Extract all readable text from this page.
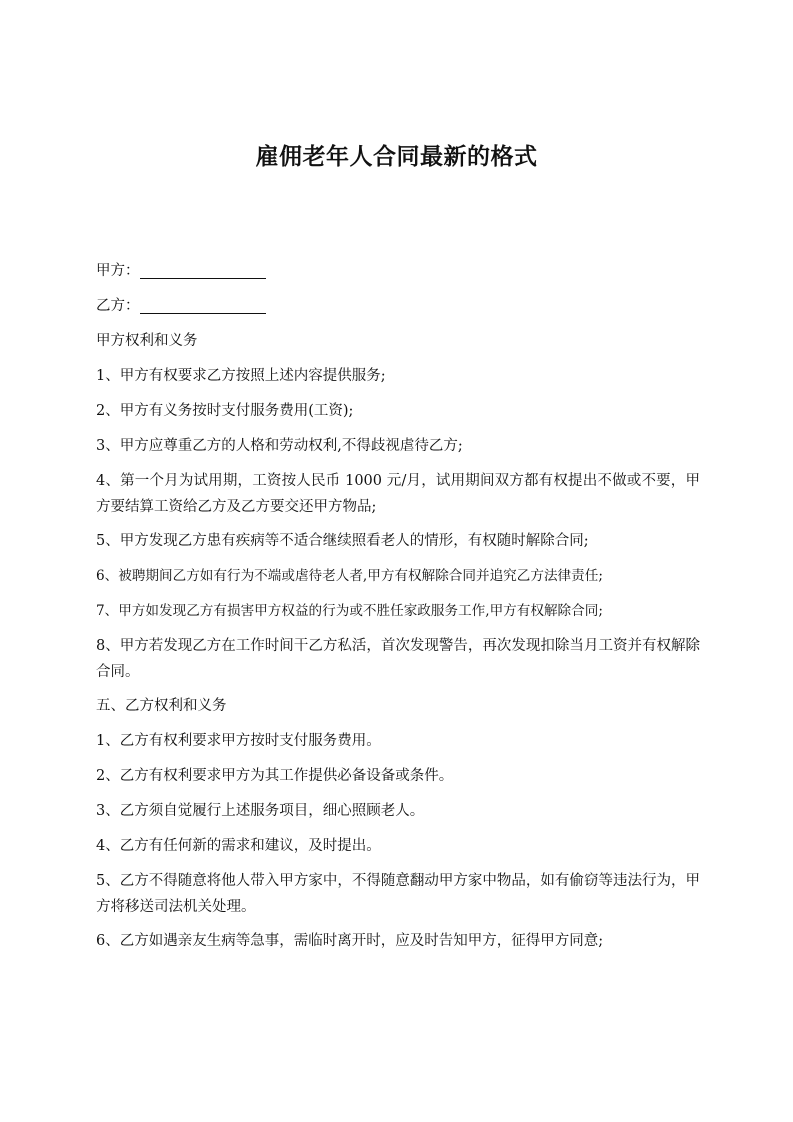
雇佣老年人合同最新的格式

甲方：

乙方：

甲方权利和义务

1、甲方有权要求乙方按照上述内容提供服务;

2、甲方有义务按时支付服务费用(工资);

3、甲方应尊重乙方的人格和劳动权利,不得歧视虐待乙方;

4、第一个月为试用期，工资按人民币 1000 元/月，试用期间双方都有权提出不做或不要，甲方要结算工资给乙方及乙方要交还甲方物品;

5、甲方发现乙方患有疾病等不适合继续照看老人的情形，有权随时解除合同;

6、被聘期间乙方如有行为不端或虐待老人者,甲方有权解除合同并追究乙方法律责任;

7、甲方如发现乙方有损害甲方权益的行为或不胜任家政服务工作,甲方有权解除合同;

8、甲方若发现乙方在工作时间干乙方私活，首次发现警告，再次发现扣除当月工资并有权解除合同。

五、乙方权利和义务

1、乙方有权利要求甲方按时支付服务费用。

2、乙方有权利要求甲方为其工作提供必备设备或条件。

3、乙方须自觉履行上述服务项目，细心照顾老人。

4、乙方有任何新的需求和建议，及时提出。

5、乙方不得随意将他人带入甲方家中，不得随意翻动甲方家中物品，如有偷窃等违法行为，甲方将移送司法机关处理。

6、乙方如遇亲友生病等急事，需临时离开时，应及时告知甲方，征得甲方同意;
